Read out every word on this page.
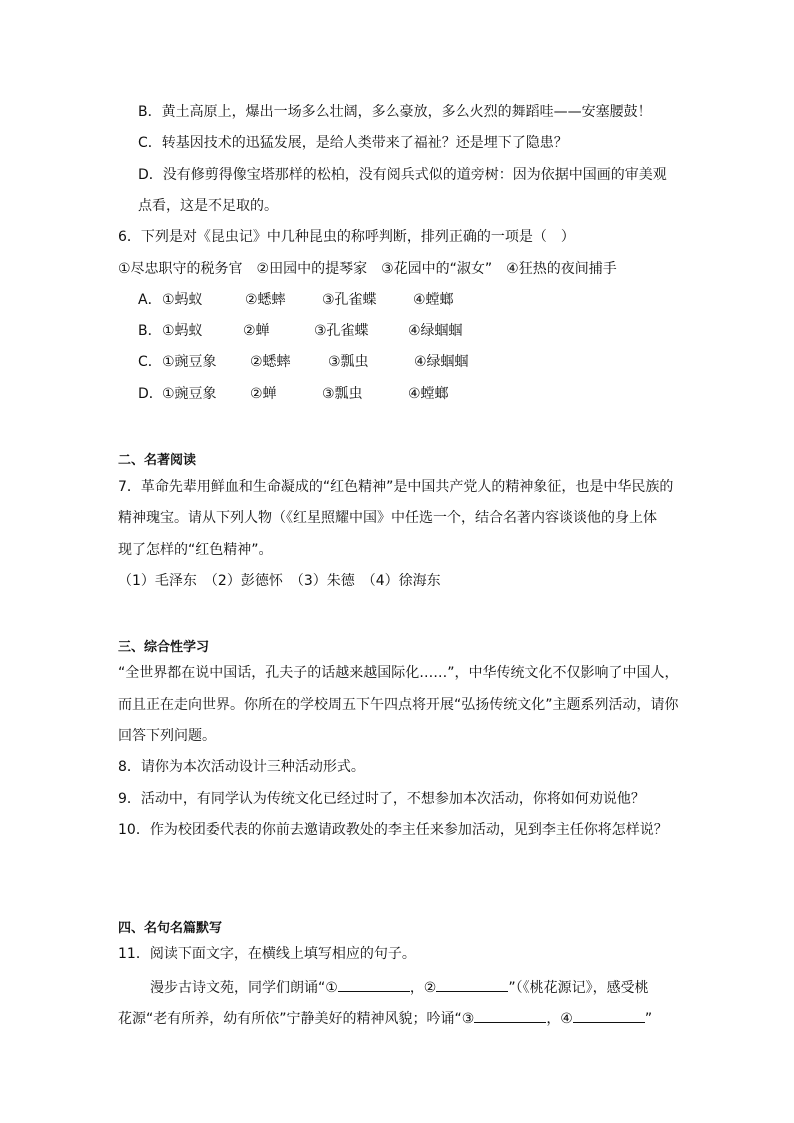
B．黄土高原上，爆出一场多么壮阔，多么豪放，多么火烈的舞蹈哇——安塞腰鼓！
C．转基因技术的迅猛发展，是给人类带来了福祉？还是埋下了隐患？
D．没有修剪得像宝塔那样的松柏，没有阅兵式似的道旁树：因为依据中国画的审美观
点看，这是不足取的。
6．下列是对《昆虫记》中几种昆虫的称呼判断，排列正确的一项是（　）
①尽忠职守的税务官　②田园中的提琴家　③花园中的“淑女”　④狂热的夜间捕手
A． ①蚂蚁	②蟋蟀	③孔雀蝶	④螳螂
B． ①蚂蚁	②蝉	③孔雀蝶	④绿蝈蝈
C． ①豌豆象 ②蟋蟀	③瓢虫	④绿蝈蝈
D． ①豌豆象 ②蝉	③瓢虫	④螳螂
二、名著阅读
7．革命先辈用鲜血和生命凝成的“红色精神”是中国共产党人的精神象征，也是中华民族的
精神瑰宝。请从下列人物（《红星照耀中国》中任选一个，结合名著内容谈谈他的身上体
现了怎样的“红色精神”。
（1）毛泽东　（2）彭德怀　（3）朱德　（4）徐海东
三、综合性学习
“全世界都在说中国话，孔夫子的话越来越国际化……”，中华传统文化不仅影响了中国人，
而且正在走向世界。你所在的学校周五下午四点将开展“弘扬传统文化”主题系列活动，请你
回答下列问题。
8．请你为本次活动设计三种活动形式。
9．活动中，有同学认为传统文化已经过时了，不想参加本次活动，你将如何劝说他？
10．作为校团委代表的你前去邀请政教处的李主任来参加活动，见到李主任你将怎样说？
四、名句名篇默写
11．阅读下面文字，在横线上填写相应的句子。
漫步古诗文苑，同学们朗诵“①	，②	”（《桃花源记》，感受桃
花源“老有所养，幼有所依”宁静美好的精神风貌；吟诵“③	，④	”
